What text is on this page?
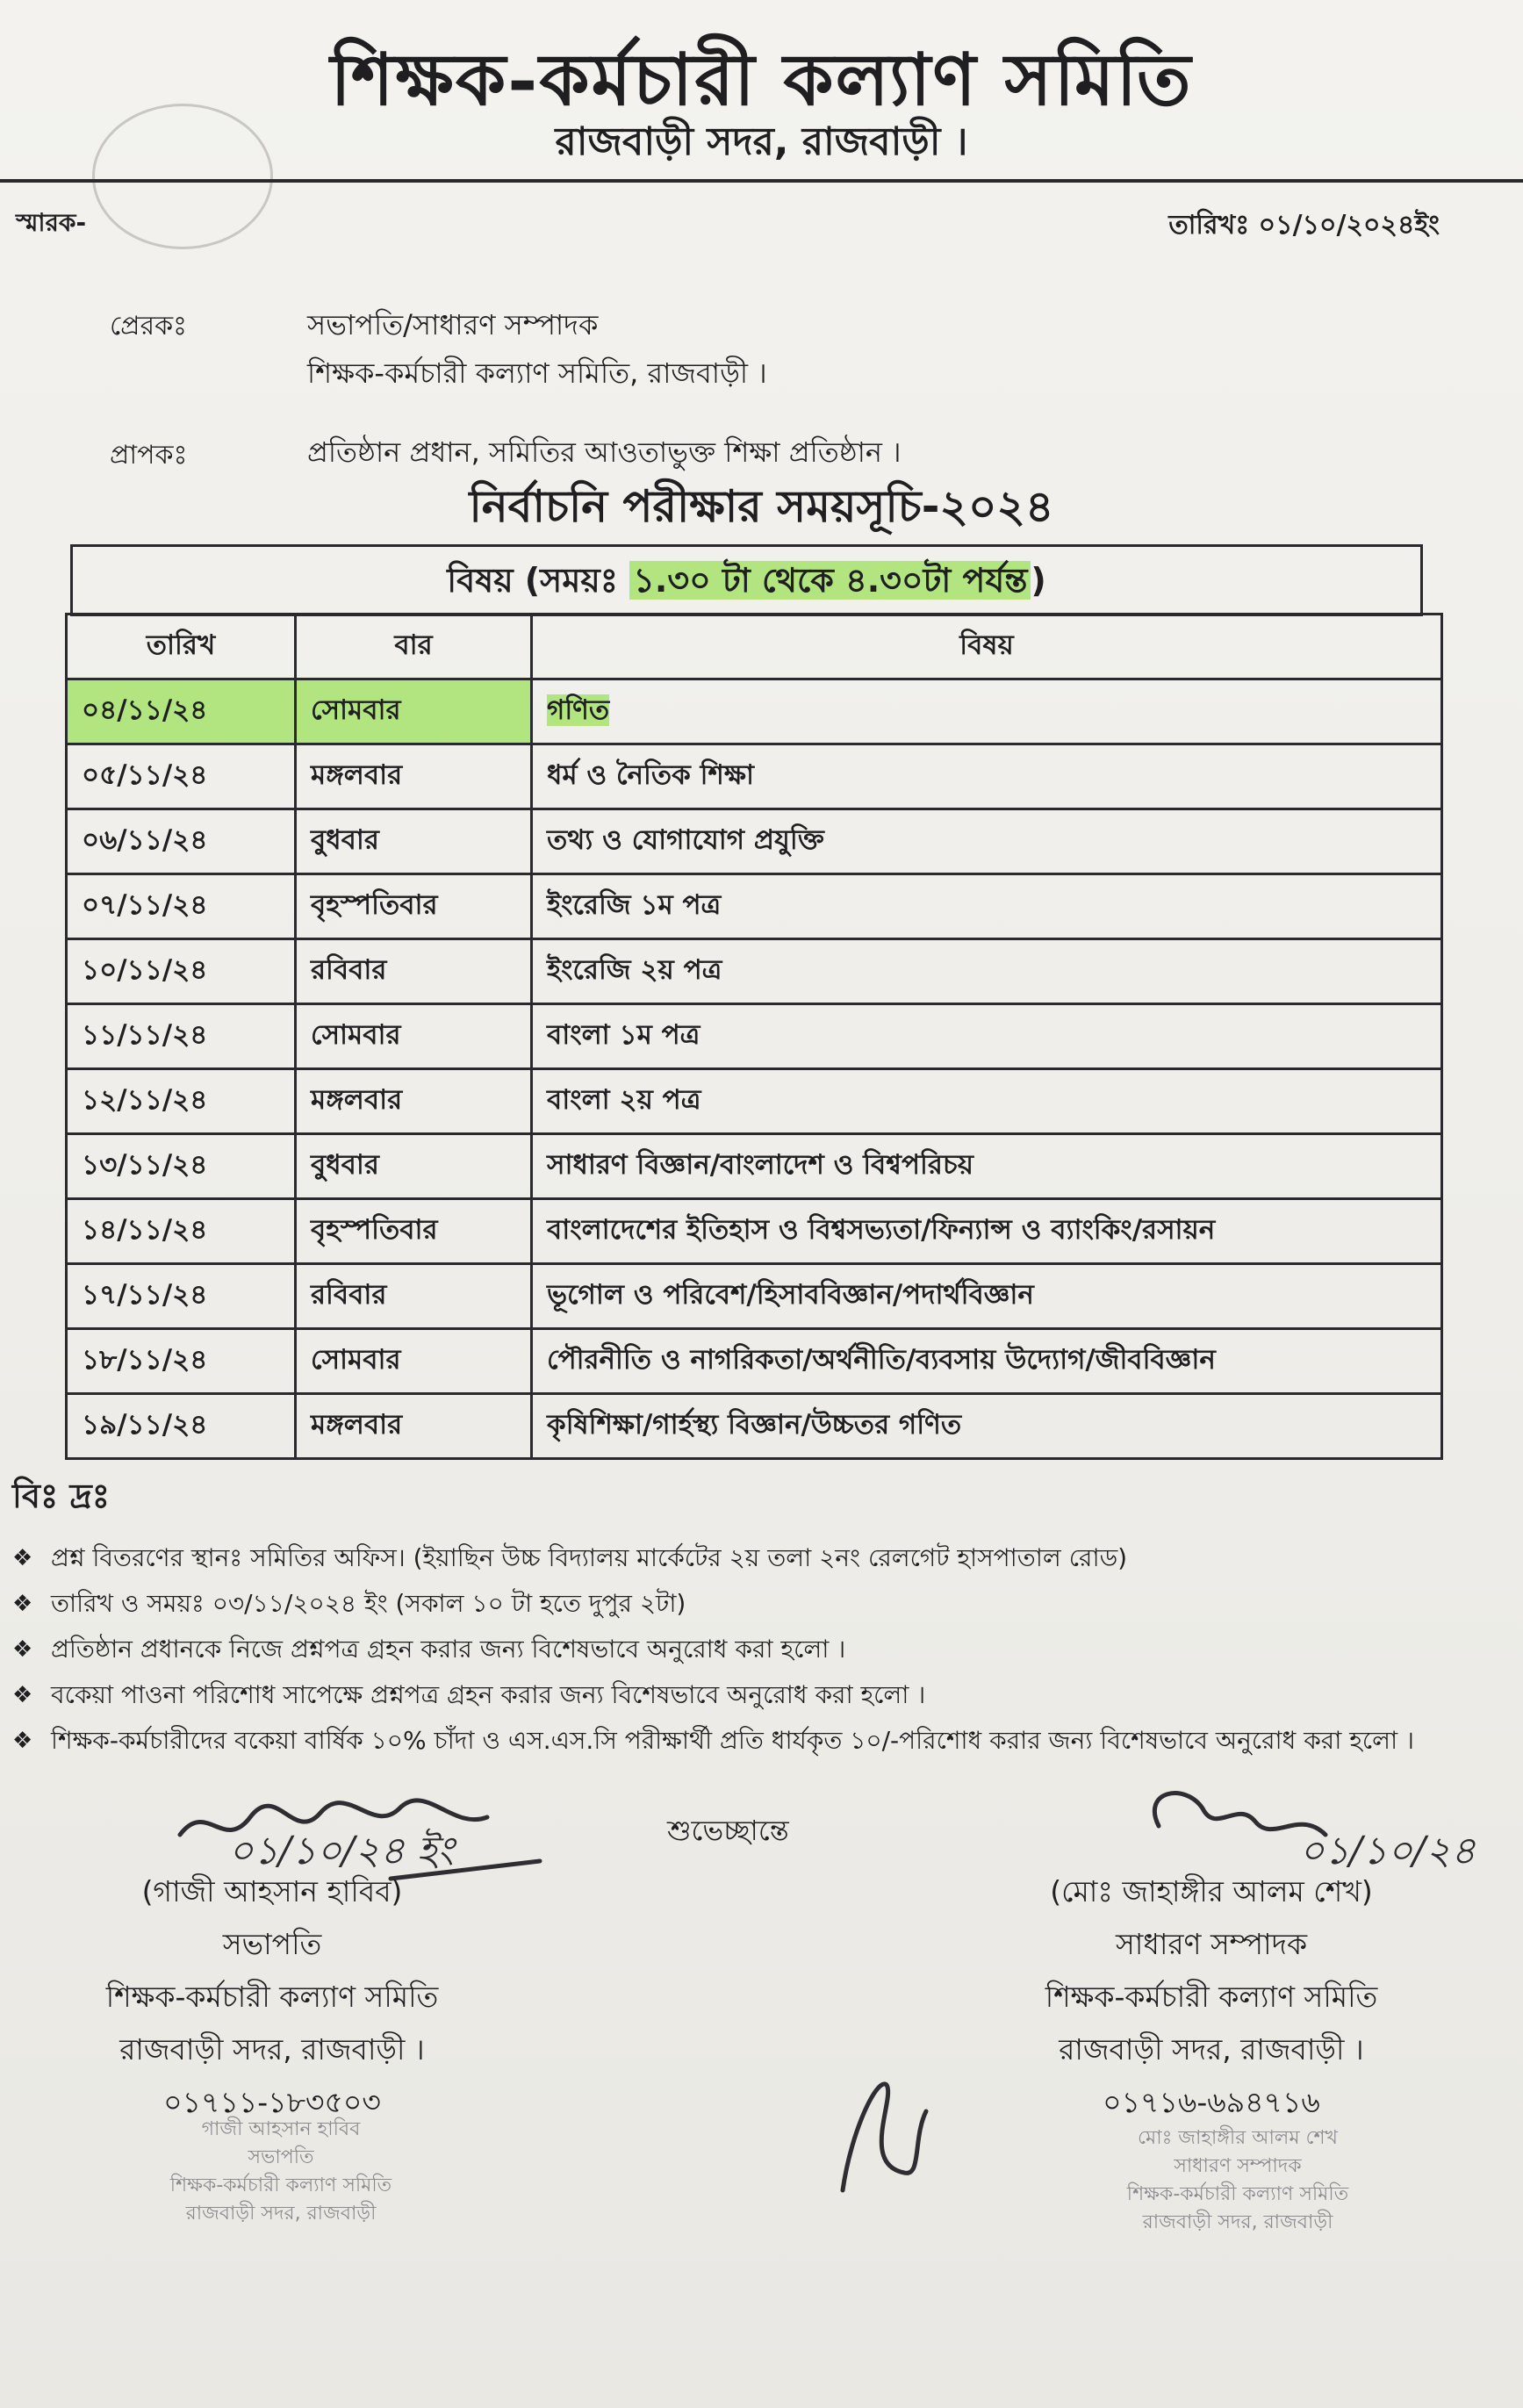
শিক্ষক-কর্মচারী কল্যাণ সমিতি
রাজবাড়ী সদর, রাজবাড়ী ।
স্মারক-	তারিখঃ ০১/১০/২০২৪ইং
প্রেরকঃ	সভাপতি/সাধারণ সম্পাদক
শিক্ষক-কর্মচারী কল্যাণ সমিতি, রাজবাড়ী ।
প্রাপকঃ	প্রতিষ্ঠান প্রধান, সমিতির আওতাভুক্ত শিক্ষা প্রতিষ্ঠান ।
নির্বাচনি পরীক্ষার সময়সূচি-২০২৪
বিষয় (সময়ঃ ১.৩০ টা থেকে ৪.৩০টা পর্যন্ত )
তারিখ	বার	বিষয়
০৪/১১/২৪	সোমবার	গণিত
০৫/১১/২৪	মঙ্গলবার	ধর্ম ও নৈতিক শিক্ষা
০৬/১১/২৪	বুধবার	তথ্য ও যোগাযোগ প্রযুক্তি
০৭/১১/২৪	বৃহস্পতিবার	ইংরেজি ১ম পত্র
১০/১১/২৪	রবিবার	ইংরেজি ২য় পত্র
১১/১১/২৪	সোমবার	বাংলা ১ম পত্র
১২/১১/২৪	মঙ্গলবার	বাংলা ২য় পত্র
১৩/১১/২৪	বুধবার	সাধারণ বিজ্ঞান/বাংলাদেশ ও বিশ্বপরিচয়
১৪/১১/২৪	বৃহস্পতিবার	বাংলাদেশের ইতিহাস ও বিশ্বসভ্যতা/ফিন্যান্স ও ব্যাংকিং/রসায়ন
১৭/১১/২৪	রবিবার	ভূগোল ও পরিবেশ/হিসাববিজ্ঞান/পদার্থবিজ্ঞান
১৮/১১/২৪	সোমবার	পৌরনীতি ও নাগরিকতা/অর্থনীতি/ব্যবসায় উদ্যোগ/জীববিজ্ঞান
১৯/১১/২৪	মঙ্গলবার	কৃষিশিক্ষা/গার্হস্থ্য বিজ্ঞান/উচ্চতর গণিত
বিঃ দ্রঃ
❖ প্রশ্ন বিতরণের স্থানঃ সমিতির অফিস। (ইয়াছিন উচ্চ বিদ্যালয় মার্কেটের ২য় তলা ২নং রেলগেট হাসপাতাল রোড)
❖ তারিখ ও সময়ঃ ০৩/১১/২০২৪ ইং (সকাল ১০ টা হতে দুপুর ২টা)
❖ প্রতিষ্ঠান প্রধানকে নিজে প্রশ্নপত্র গ্রহন করার জন্য বিশেষভাবে অনুরোধ করা হলো ।
❖ বকেয়া পাওনা পরিশোধ সাপেক্ষে প্রশ্নপত্র গ্রহন করার জন্য বিশেষভাবে অনুরোধ করা হলো ।
❖ শিক্ষক-কর্মচারীদের বকেয়া বার্ষিক ১০% চাঁদা ও এস.এস.সি পরীক্ষার্থী প্রতি ধার্যকৃত ১০/-পরিশোধ করার জন্য বিশেষভাবে অনুরোধ করা হলো ।
শুভেচ্ছান্তে
০১/১০/২৪ ইং
(গাজী আহসান হাবিব)
সভাপতি
শিক্ষক-কর্মচারী কল্যাণ সমিতি
রাজবাড়ী সদর, রাজবাড়ী ।
০১৭১১-১৮৩৫০৩
গাজী আহসান হাবিব
সভাপতি
শিক্ষক-কর্মচারী কল্যাণ সমিতি
রাজবাড়ী সদর, রাজবাড়ী
০১/১০/২৪
(মোঃ জাহাঙ্গীর আলম শেখ)
সাধারণ সম্পাদক
শিক্ষক-কর্মচারী কল্যাণ সমিতি
রাজবাড়ী সদর, রাজবাড়ী ।
০১৭১৬-৬৯৪৭১৬
মোঃ জাহাঙ্গীর আলম শেখ
সাধারণ সম্পাদক
শিক্ষক-কর্মচারী কল্যাণ সমিতি
রাজবাড়ী সদর, রাজবাড়ী
